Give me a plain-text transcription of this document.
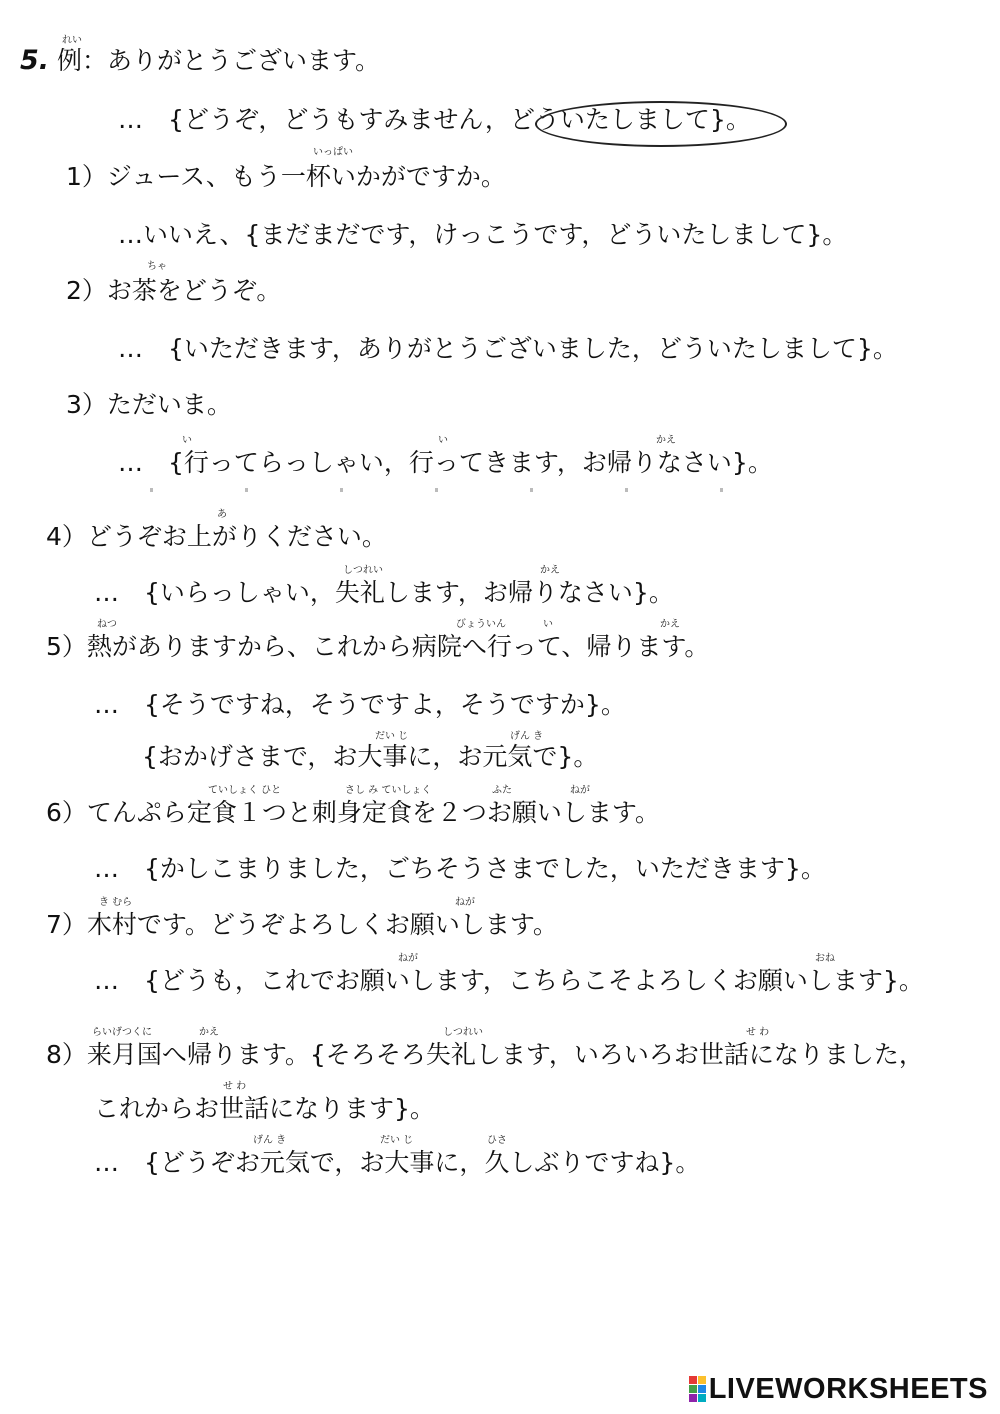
れい
5. 例：ありがとうございます。
…　{どうぞ，どうもすみません，どういたしまして}。
いっぱい
1）ジュース、もう一杯いかがですか。
…いいえ、{まだまだです，けっこうです，どういたしまして}。
ちゃ
2）お茶をどうぞ。
…　{いただきます，ありがとうございました，どういたしまして}。
3）ただいま。
い	い	かえ
…　{行ってらっしゃい，行ってきます，お帰りなさい}。
あ
4）どうぞお上がりください。
しつれい	かえ
…　{いらっしゃい，失礼します，お帰りなさい}。
ねつ	びょういん	い	かえ
5）熱がありますから、これから病院へ行って、帰ります。
…　{そうですね，そうですよ，そうですか}。
だい じ	げん き
{おかげさまで，お大事に，お元気で}。
ていしょく ひと	さし み ていしょく	ふた	ねが
6）てんぷら定食１つと刺身定食を２つお願いします。
…　{かしこまりました，ごちそうさまでした，いただきます}。
き むら	ねが
7）木村です。どうぞよろしくお願いします。
ねが	おね
…　{どうも，これでお願いします，こちらこそよろしくお願いします}。
らいげつくに	かえ	しつれい	せ わ
8）来月国へ帰ります。{そろそろ失礼します，いろいろお世話になりました，
せ わ
これからお世話になります}。
げん き	だい じ	ひさ
…　{どうぞお元気で，お大事に，久しぶりですね}。
LIVEWORKSHEETS
